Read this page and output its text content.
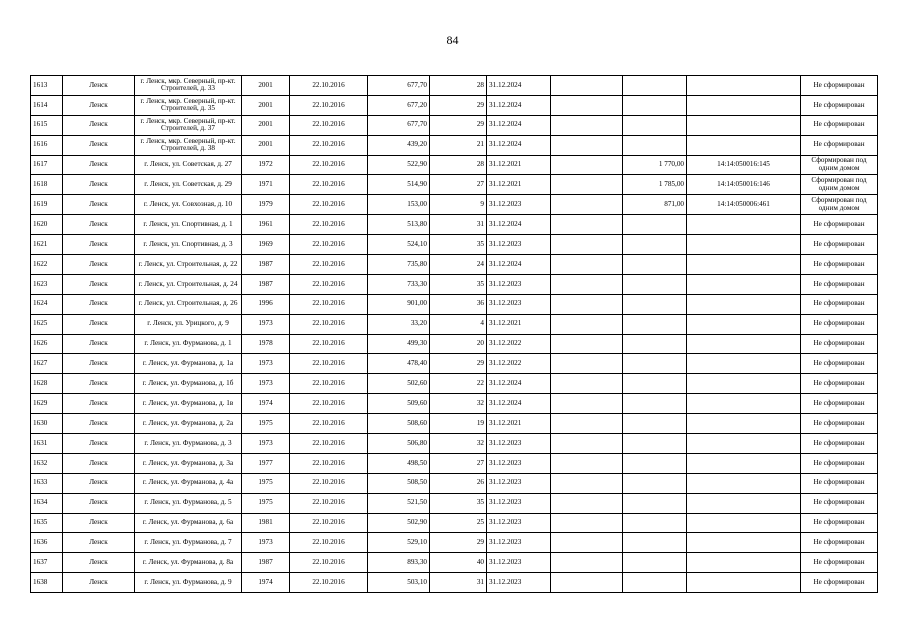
84
1613	Ленск	г. Ленск, мкр. Северный, пр-кт. Строителей, д. 33	2001	22.10.2016	677,70	28	31.12.2024				Не сформирован
1614	Ленск	г. Ленск, мкр. Северный, пр-кт. Строителей, д. 35	2001	22.10.2016	677,20	29	31.12.2024				Не сформирован
1615	Ленск	г. Ленск, мкр. Северный, пр-кт. Строителей, д. 37	2001	22.10.2016	677,70	29	31.12.2024				Не сформирован
1616	Ленск	г. Ленск, мкр. Северный, пр-кт. Строителей, д. 38	2001	22.10.2016	439,20	21	31.12.2024				Не сформирован
1617	Ленск	г. Ленск, ул. Советская, д. 27	1972	22.10.2016	522,90	28	31.12.2021		1 770,00	14:14:050016:145	Сформирован под одним домом
1618	Ленск	г. Ленск, ул. Советская, д. 29	1971	22.10.2016	514,90	27	31.12.2021		1 785,00	14:14:050016:146	Сформирован под одним домом
1619	Ленск	г. Ленск, ул. Совхозная, д. 10	1979	22.10.2016	153,00	9	31.12.2023		871,00	14:14:050006:461	Сформирован под одним домом
1620	Ленск	г. Ленск, ул. Спортивная, д. 1	1961	22.10.2016	513,80	31	31.12.2024				Не сформирован
1621	Ленск	г. Ленск, ул. Спортивная, д. 3	1969	22.10.2016	524,10	35	31.12.2023				Не сформирован
1622	Ленск	г. Ленск, ул. Строительная, д. 22	1987	22.10.2016	735,80	24	31.12.2024				Не сформирован
1623	Ленск	г. Ленск, ул. Строительная, д. 24	1987	22.10.2016	733,30	35	31.12.2023				Не сформирован
1624	Ленск	г. Ленск, ул. Строительная, д. 26	1996	22.10.2016	901,00	36	31.12.2023				Не сформирован
1625	Ленск	г. Ленск, ул. Урицкого, д. 9	1973	22.10.2016	33,20	4	31.12.2021				Не сформирован
1626	Ленск	г. Ленск, ул. Фурманова, д. 1	1978	22.10.2016	499,30	20	31.12.2022				Не сформирован
1627	Ленск	г. Ленск, ул. Фурманова, д. 1а	1973	22.10.2016	478,40	29	31.12.2022				Не сформирован
1628	Ленск	г. Ленск, ул. Фурманова, д. 1б	1973	22.10.2016	502,60	22	31.12.2024				Не сформирован
1629	Ленск	г. Ленск, ул. Фурманова, д. 1в	1974	22.10.2016	509,60	32	31.12.2024				Не сформирован
1630	Ленск	г. Ленск, ул. Фурманова, д. 2а	1975	22.10.2016	508,60	19	31.12.2021				Не сформирован
1631	Ленск	г. Ленск, ул. Фурманова, д. 3	1973	22.10.2016	506,80	32	31.12.2023				Не сформирован
1632	Ленск	г. Ленск, ул. Фурманова, д. 3а	1977	22.10.2016	498,50	27	31.12.2023				Не сформирован
1633	Ленск	г. Ленск, ул. Фурманова, д. 4а	1975	22.10.2016	508,50	26	31.12.2023				Не сформирован
1634	Ленск	г. Ленск, ул. Фурманова, д. 5	1975	22.10.2016	521,50	35	31.12.2023				Не сформирован
1635	Ленск	г. Ленск, ул. Фурманова, д. 6а	1981	22.10.2016	502,90	25	31.12.2023				Не сформирован
1636	Ленск	г. Ленск, ул. Фурманова, д. 7	1973	22.10.2016	529,10	29	31.12.2023				Не сформирован
1637	Ленск	г. Ленск, ул. Фурманова, д. 8а	1987	22.10.2016	893,30	40	31.12.2023				Не сформирован
1638	Ленск	г. Ленск, ул. Фурманова, д. 9	1974	22.10.2016	503,10	31	31.12.2023				Не сформирован
